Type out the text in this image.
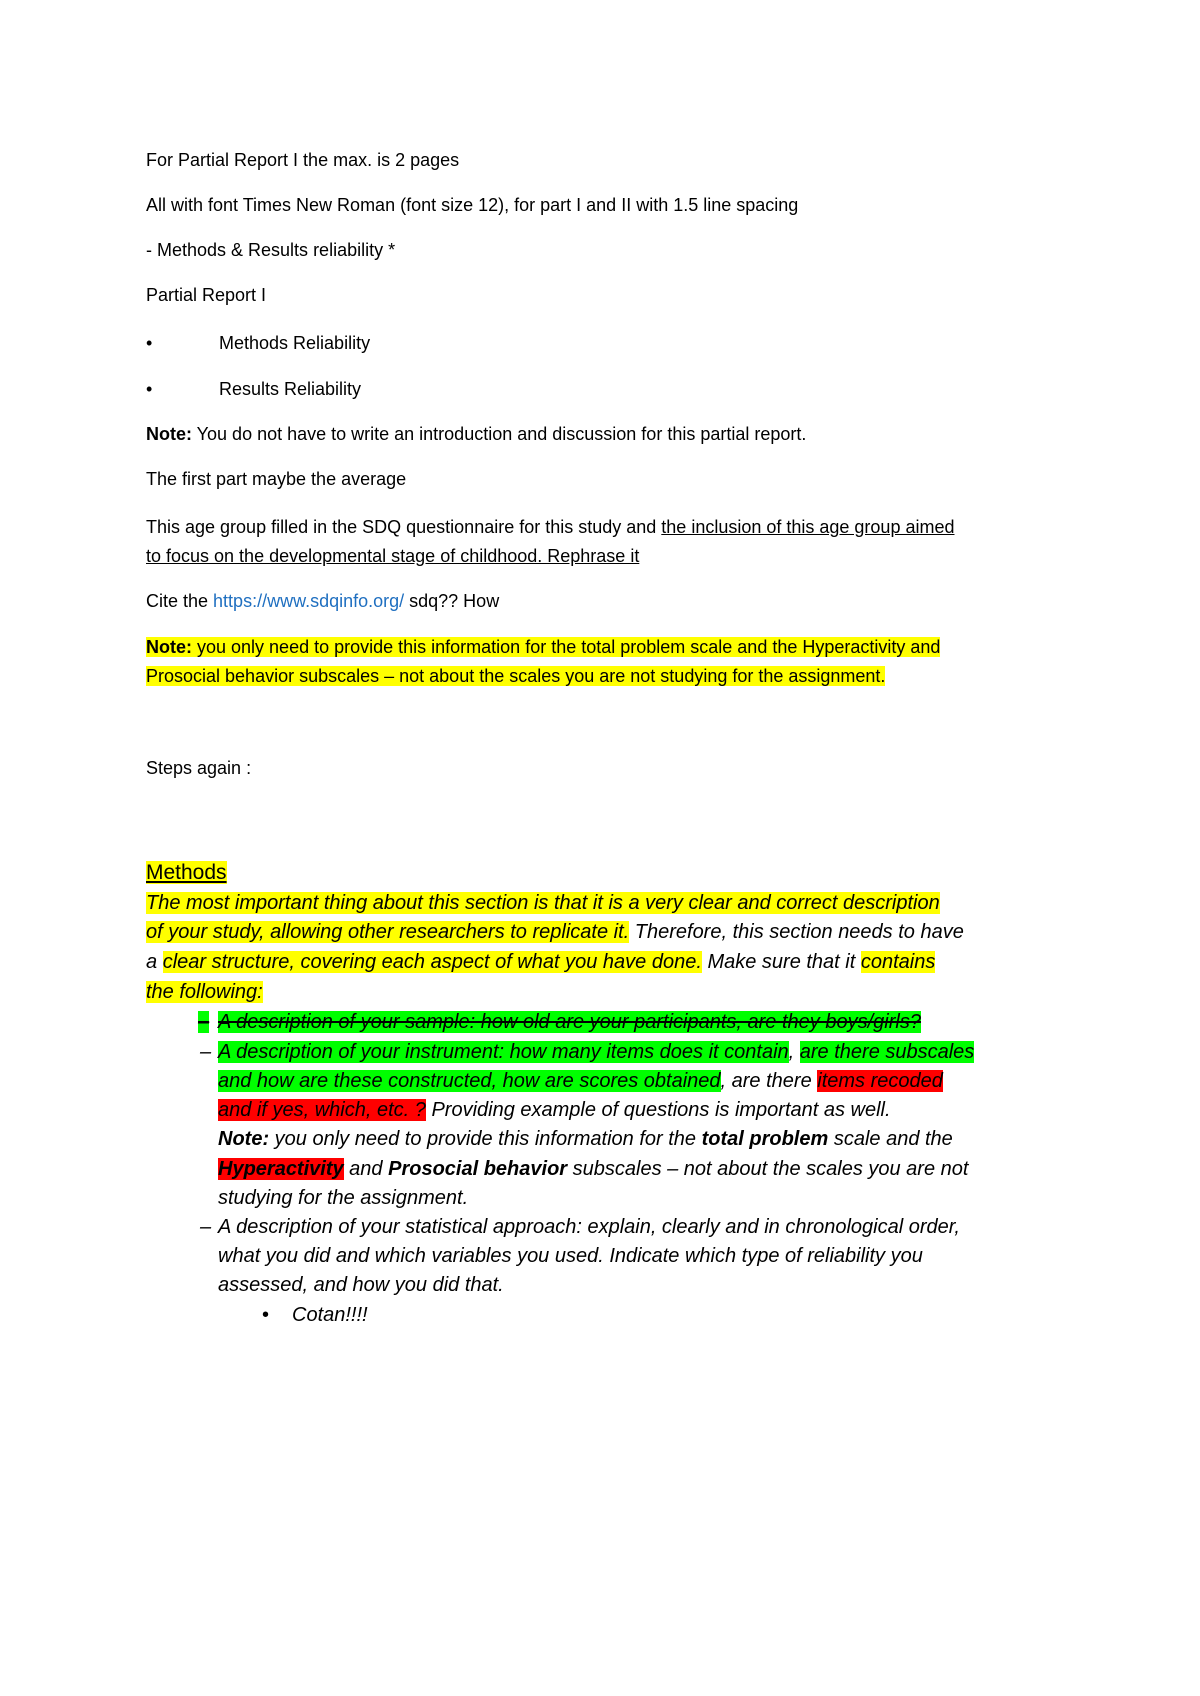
For Partial Report I the max. is 2 pages

All with font Times New Roman (font size 12), for part I and II with 1.5 line spacing

- Methods & Results reliability *

Partial Report I

•	Methods Reliability
•	Results Reliability

Note: You do not have to write an introduction and discussion for this partial report.

The first part maybe the average

This age group filled in the SDQ questionnaire for this study and the inclusion of this age group aimed

to focus on the developmental stage of childhood. Rephrase it

Cite the https://www.sdqinfo.org/ sdq?? How

Note: you only need to provide this information for the total problem scale and the Hyperactivity and

Prosocial behavior subscales – not about the scales you are not studying for the assignment.

Steps again :

Methods
The most important thing about this section is that it is a very clear and correct description
of your study, allowing other researchers to replicate it. Therefore, this section needs to have
a clear structure, covering each aspect of what you have done. Make sure that it contains
the following:
– A description of your sample: how old are your participants, are they boys/girls?
– A description of your instrument: how many items does it contain, are there subscales
and how are these constructed, how are scores obtained, are there items recoded
and if yes, which, etc. ? Providing example of questions is important as well.
Note: you only need to provide this information for the total problem scale and the
Hyperactivity and Prosocial behavior subscales – not about the scales you are not
studying for the assignment.
– A description of your statistical approach: explain, clearly and in chronological order,
what you did and which variables you used. Indicate which type of reliability you
assessed, and how you did that.
• Cotan!!!!
